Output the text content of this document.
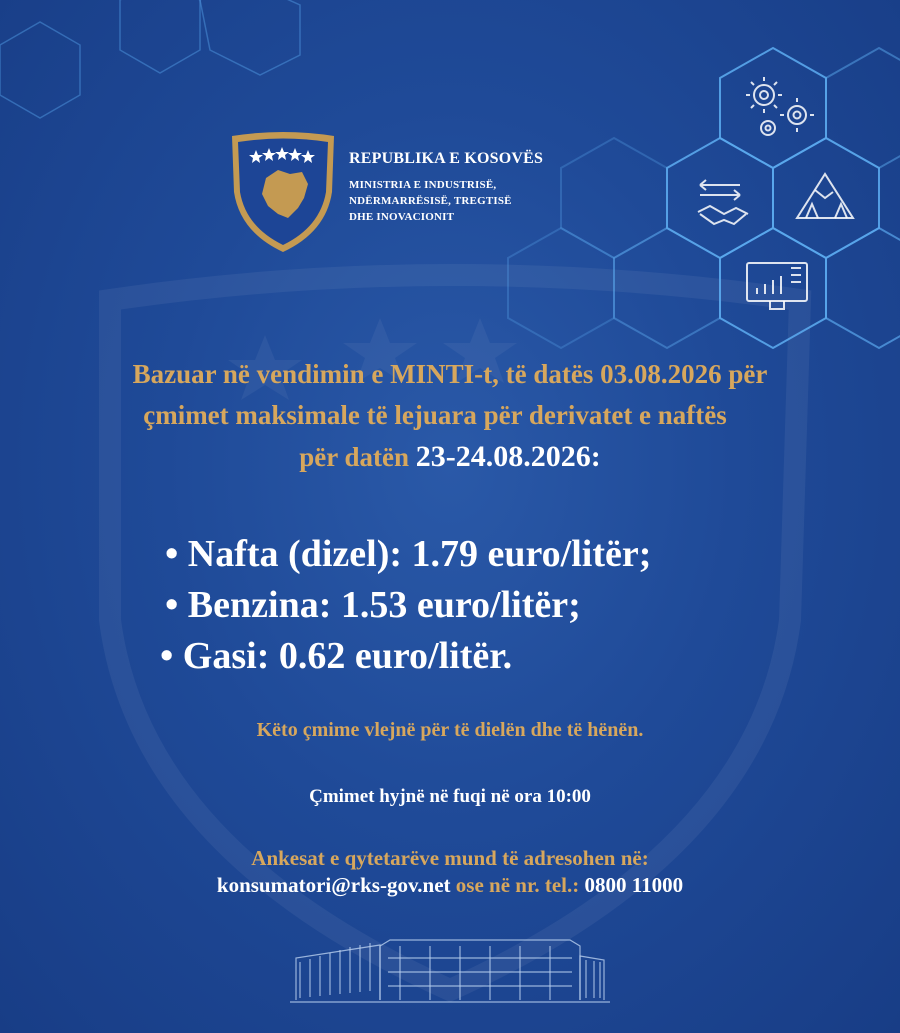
REPUBLIKA E KOSOVËS
MINISTRIA E INDUSTRISË,
NDËRMARRËSISË, TREGTISË
DHE INOVACIONIT
Bazuar në vendimin e MINTI-t, të datës 03.08.2026 për
çmimet maksimale të lejuara për derivatet e naftës
për datën 23-24.08.2026:
• Nafta (dizel): 1.79 euro/litër;
• Benzina: 1.53 euro/litër;
• Gasi: 0.62 euro/litër.
Këto çmime vlejnë për të dielën dhe të hënën.
Çmimet hyjnë në fuqi në ora 10:00
Ankesat e qytetarëve mund të adresohen në:
konsumatori@rks-gov.net ose në nr. tel.: 0800 11000
